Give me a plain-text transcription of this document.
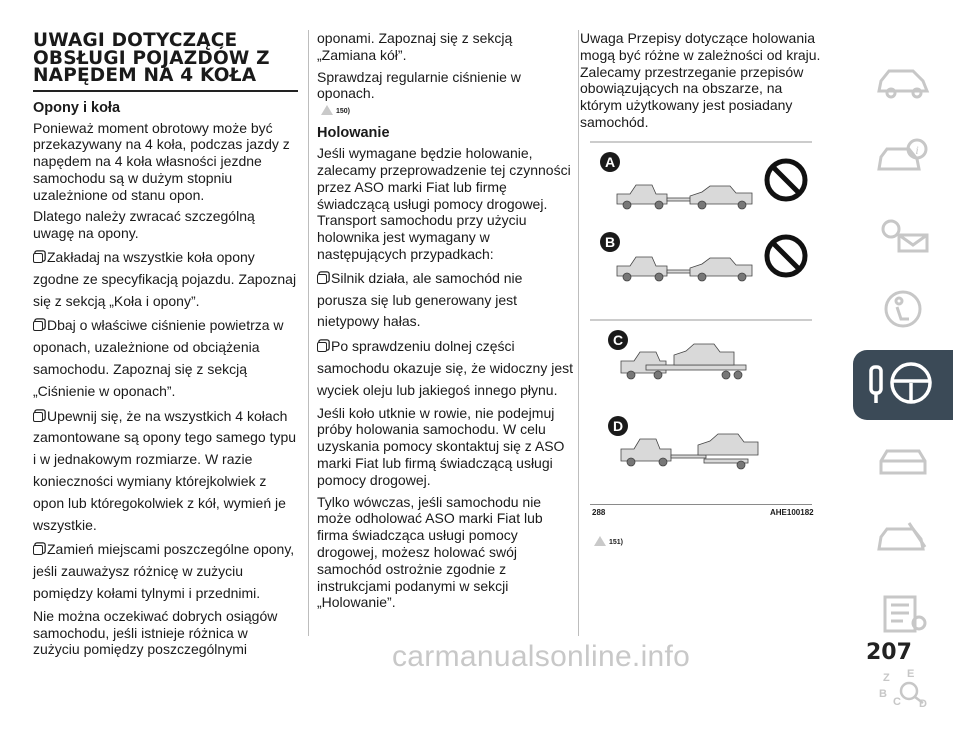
UWAGI DOTYCZĄCE OBSŁUGI POJAZDÓW Z NAPĘDEM NA 4 KOŁA
Opony i koła

Ponieważ moment obrotowy może być przekazywany na 4 koła, podczas jazdy z napędem na 4 koła własności jezdne samochodu są w dużym stopniu uzależnione od stanu opon.

Dlatego należy zwracać szczególną uwagę na opony.

Zakładaj na wszystkie koła opony zgodne ze specyfikacją pojazdu. Zapoznaj się z sekcją „Koła i opony”.

Dbaj o właściwe ciśnienie powietrza w oponach, uzależnione od obciążenia samochodu. Zapoznaj się z sekcją „Ciśnienie w oponach”.

Upewnij się, że na wszystkich 4 kołach zamontowane są opony tego samego typu i w jednakowym rozmiarze. W razie konieczności wymiany którejkolwiek z opon lub któregokolwiek z kół, wymień je wszystkie.

Zamień miejscami poszczególne opony, jeśli zauważysz różnicę w zużyciu pomiędzy kołami tylnymi i przednimi.

Nie można oczekiwać dobrych osiągów samochodu, jeśli istnieje różnica w zużyciu pomiędzy poszczególnymi

oponami. Zapoznaj się z sekcją „Zamiana kół”.

Sprawdzaj regularnie ciśnienie w oponach.

150)
Holowanie

Jeśli wymagane będzie holowanie, zalecamy przeprowadzenie tej czynności przez ASO marki Fiat lub firmę świadczącą usługi pomocy drogowej. Transport samochodu przy użyciu holownika jest wymagany w następujących przypadkach:

Silnik działa, ale samochód nie porusza się lub generowany jest nietypowy hałas.

Po sprawdzeniu dolnej części samochodu okazuje się, że widoczny jest wyciek oleju lub jakiegoś innego płynu.

Jeśli koło utknie w rowie, nie podejmuj próby holowania samochodu. W celu uzyskania pomocy skontaktuj się z ASO marki Fiat lub firmą świadczącą usługi pomocy drogowej.

Tylko wówczas, jeśli samochodu nie może odholować ASO marki Fiat lub firma świadcząca usługi pomocy drogowej, możesz holować swój samochód ostrożnie zgodnie z instrukcjami podanymi w sekcji „Holowanie”.

Uwaga Przepisy dotyczące holowania mogą być różne w zależności od kraju. Zalecamy przestrzeganie przepisów obowiązujących na obszarze, na którym użytkowany jest posiadany samochód.

A
B
C
D
288	AHE100182
151)
i
Z E
B
C D
carmanualsonline.info	207
